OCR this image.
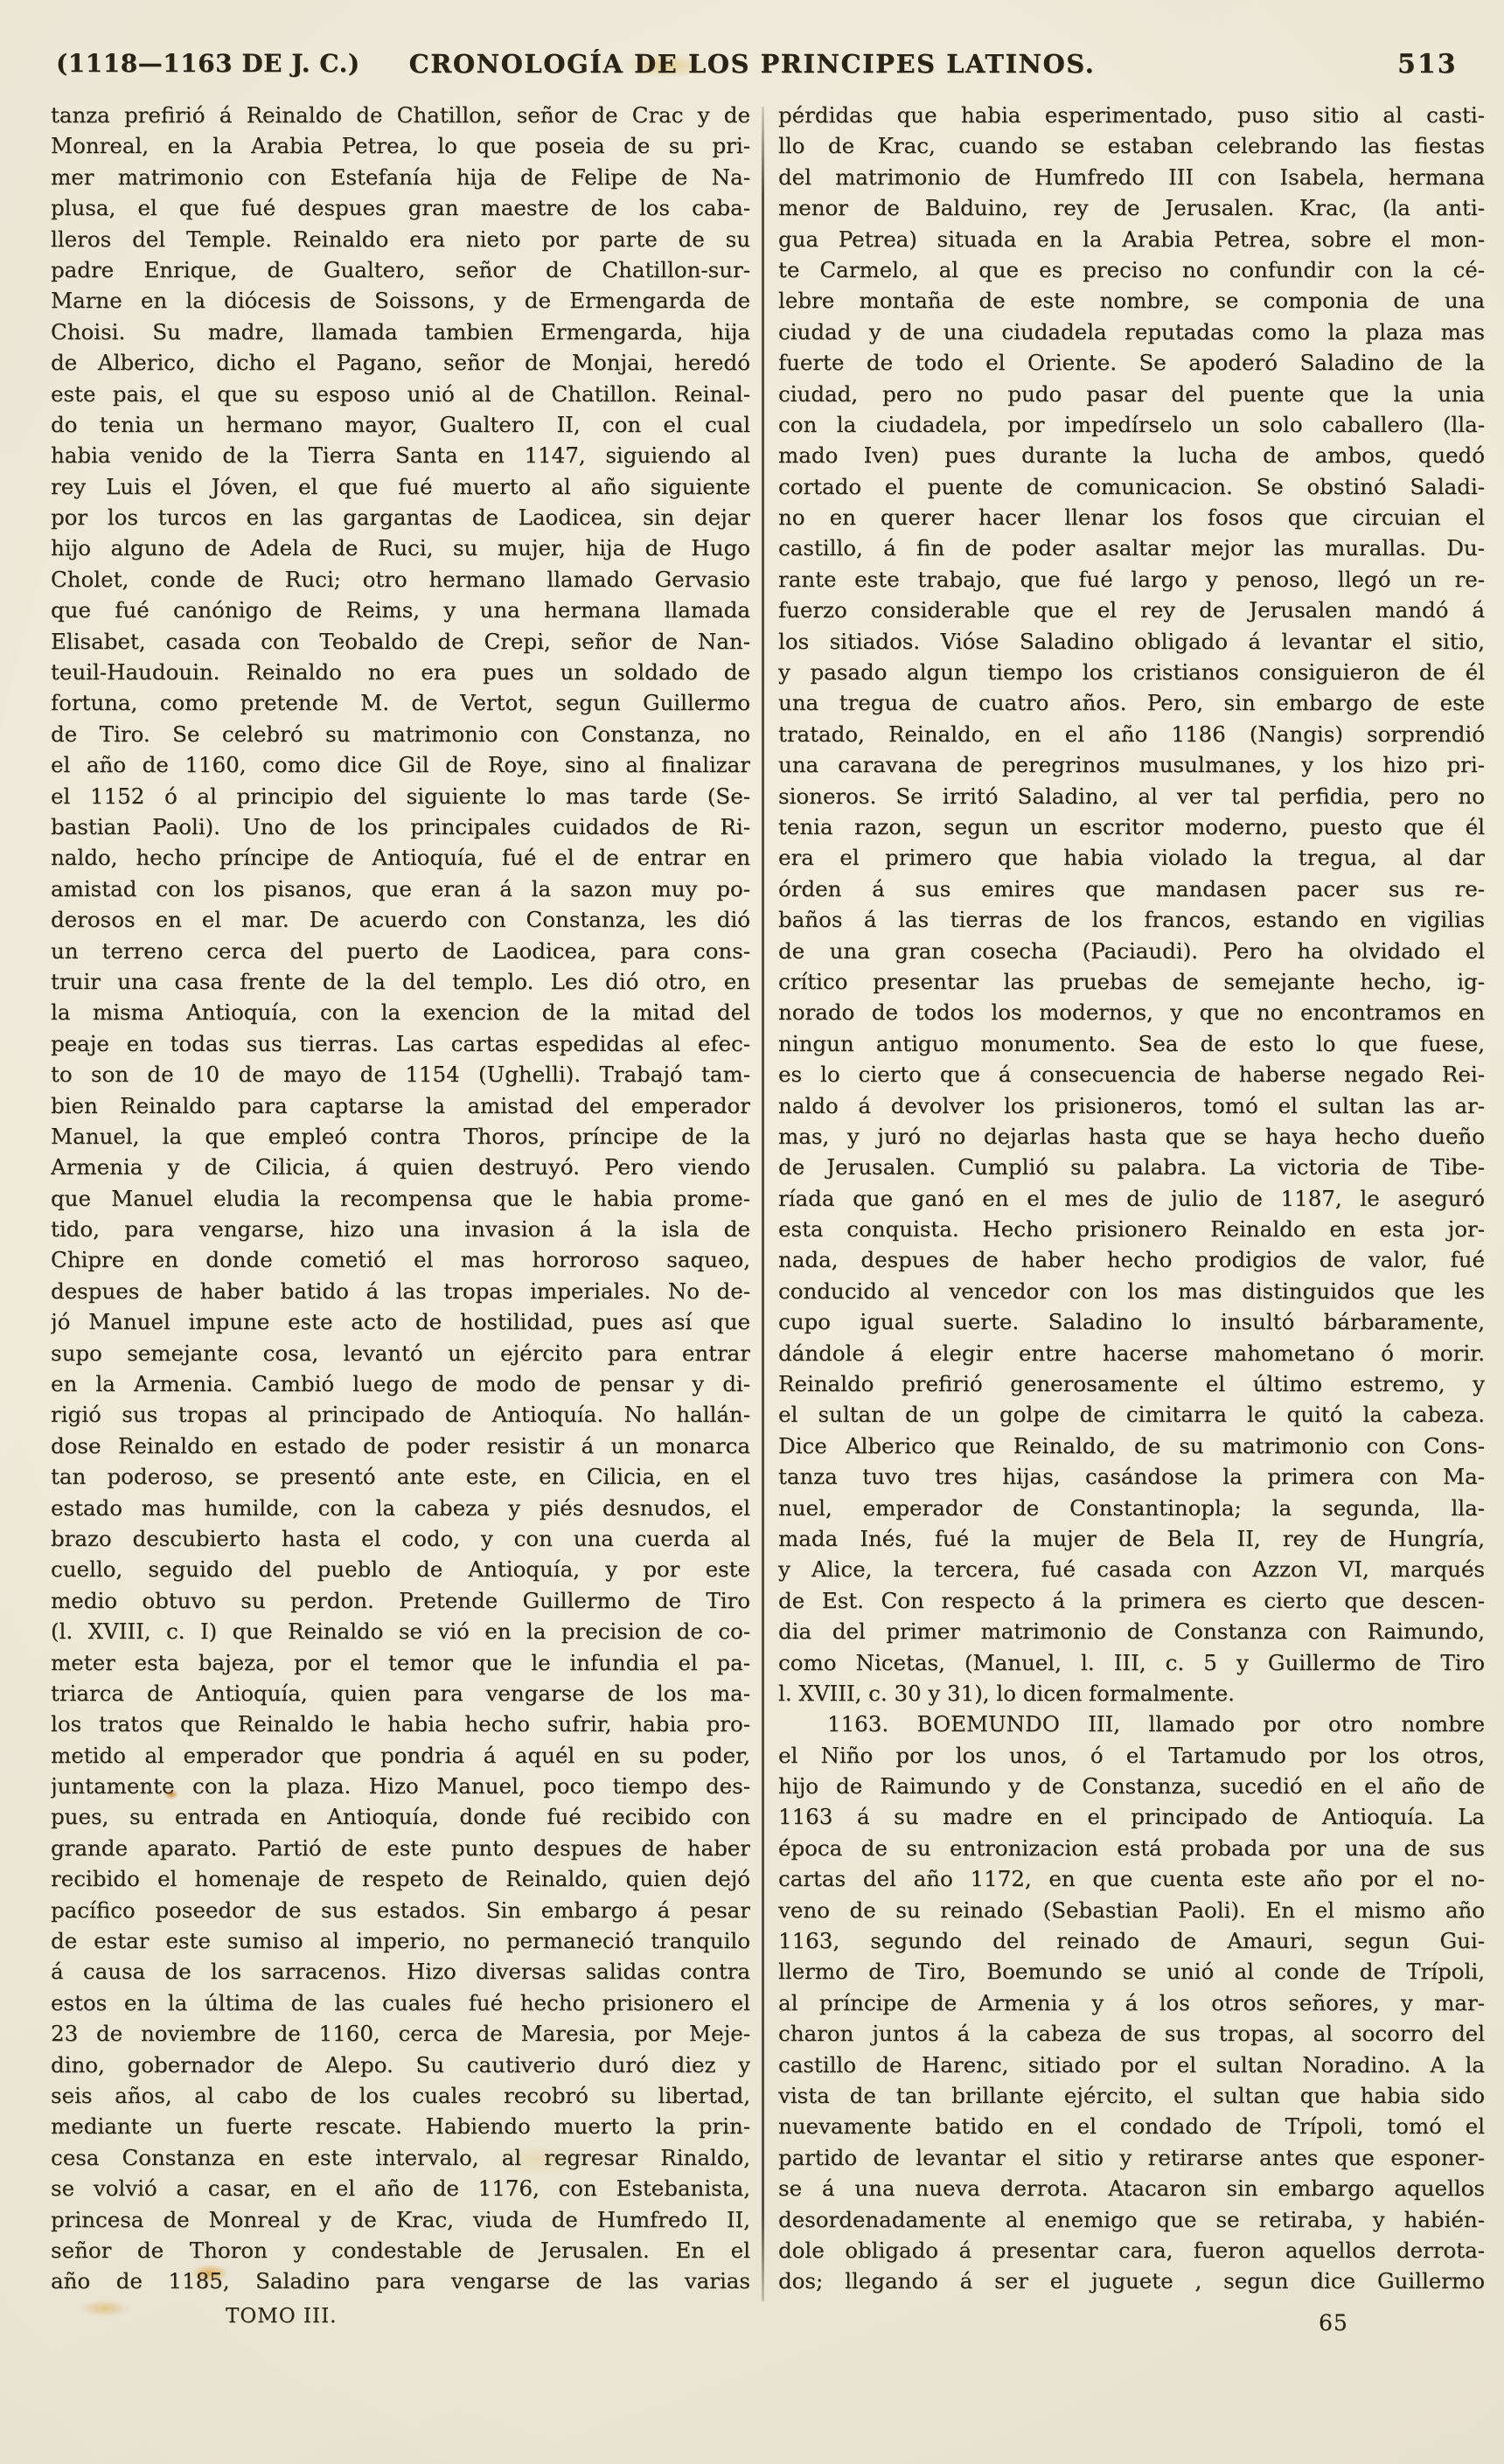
(1118—1163 DE J. C.)	CRONOLOGÍA DE LOS PRINCIPES LATINOS.	513
tanza prefirió á Reinaldo de Chatillon, señor de Crac y de
Monreal, en la Arabia Petrea, lo que poseia de su pri-
mer matrimonio con Estefanía hija de Felipe de Na-
plusa, el que fué despues gran maestre de los caba-
lleros del Temple. Reinaldo era nieto por parte de su
padre Enrique, de Gualtero, señor de Chatillon-sur-
Marne en la diócesis de Soissons, y de Ermengarda de
Choisi. Su madre, llamada tambien Ermengarda, hija
de Alberico, dicho el Pagano, señor de Monjai, heredó
este pais, el que su esposo unió al de Chatillon. Reinal-
do tenia un hermano mayor, Gualtero II, con el cual
habia venido de la Tierra Santa en 1147, siguiendo al
rey Luis el Jóven, el que fué muerto al año siguiente
por los turcos en las gargantas de Laodicea, sin dejar
hijo alguno de Adela de Ruci, su mujer, hija de Hugo
Cholet, conde de Ruci; otro hermano llamado Gervasio
que fué canónigo de Reims, y una hermana llamada
Elisabet, casada con Teobaldo de Crepi, señor de Nan-
teuil-Haudouin. Reinaldo no era pues un soldado de
fortuna, como pretende M. de Vertot, segun Guillermo
de Tiro. Se celebró su matrimonio con Constanza, no
el año de 1160, como dice Gil de Roye, sino al finalizar
el 1152 ó al principio del siguiente lo mas tarde (Se-
bastian Paoli). Uno de los principales cuidados de Ri-
naldo, hecho príncipe de Antioquía, fué el de entrar en
amistad con los pisanos, que eran á la sazon muy po-
derosos en el mar. De acuerdo con Constanza, les dió
un terreno cerca del puerto de Laodicea, para cons-
truir una casa frente de la del templo. Les dió otro, en
la misma Antioquía, con la exencion de la mitad del
peaje en todas sus tierras. Las cartas espedidas al efec-
to son de 10 de mayo de 1154 (Ughelli). Trabajó tam-
bien Reinaldo para captarse la amistad del emperador
Manuel, la que empleó contra Thoros, príncipe de la
Armenia y de Cilicia, á quien destruyó. Pero viendo
que Manuel eludia la recompensa que le habia prome-
tido, para vengarse, hizo una invasion á la isla de
Chipre en donde cometió el mas horroroso saqueo,
despues de haber batido á las tropas imperiales. No de-
jó Manuel impune este acto de hostilidad, pues así que
supo semejante cosa, levantó un ejército para entrar
en la Armenia. Cambió luego de modo de pensar y di-
rigió sus tropas al principado de Antioquía. No hallán-
dose Reinaldo en estado de poder resistir á un monarca
tan poderoso, se presentó ante este, en Cilicia, en el
estado mas humilde, con la cabeza y piés desnudos, el
brazo descubierto hasta el codo, y con una cuerda al
cuello, seguido del pueblo de Antioquía, y por este
medio obtuvo su perdon. Pretende Guillermo de Tiro
(l. XVIII, c. I) que Reinaldo se vió en la precision de co-
meter esta bajeza, por el temor que le infundia el pa-
triarca de Antioquía, quien para vengarse de los ma-
los tratos que Reinaldo le habia hecho sufrir, habia pro-
metido al emperador que pondria á aquél en su poder,
juntamente con la plaza. Hizo Manuel, poco tiempo des-
pues, su entrada en Antioquía, donde fué recibido con
grande aparato. Partió de este punto despues de haber
recibido el homenaje de respeto de Reinaldo, quien dejó
pacífico poseedor de sus estados. Sin embargo á pesar
de estar este sumiso al imperio, no permaneció tranquilo
á causa de los sarracenos. Hizo diversas salidas contra
estos en la última de las cuales fué hecho prisionero el
23 de noviembre de 1160, cerca de Maresia, por Meje-
dino, gobernador de Alepo. Su cautiverio duró diez y
seis años, al cabo de los cuales recobró su libertad,
mediante un fuerte rescate. Habiendo muerto la prin-
cesa Constanza en este intervalo, al regresar Rinaldo,
se volvió a casar, en el año de 1176, con Estebanista,
princesa de Monreal y de Krac, viuda de Humfredo II,
señor de Thoron y condestable de Jerusalen. En el
año de 1185, Saladino para vengarse de las varias
pérdidas que habia esperimentado, puso sitio al casti-
llo de Krac, cuando se estaban celebrando las fiestas
del matrimonio de Humfredo III con Isabela, hermana
menor de Balduino, rey de Jerusalen. Krac, (la anti-
gua Petrea) situada en la Arabia Petrea, sobre el mon-
te Carmelo, al que es preciso no confundir con la cé-
lebre montaña de este nombre, se componia de una
ciudad y de una ciudadela reputadas como la plaza mas
fuerte de todo el Oriente. Se apoderó Saladino de la
ciudad, pero no pudo pasar del puente que la unia
con la ciudadela, por impedírselo un solo caballero (lla-
mado Iven) pues durante la lucha de ambos, quedó
cortado el puente de comunicacion. Se obstinó Saladi-
no en querer hacer llenar los fosos que circuian el
castillo, á fin de poder asaltar mejor las murallas. Du-
rante este trabajo, que fué largo y penoso, llegó un re-
fuerzo considerable que el rey de Jerusalen mandó á
los sitiados. Vióse Saladino obligado á levantar el sitio,
y pasado algun tiempo los cristianos consiguieron de él
una tregua de cuatro años. Pero, sin embargo de este
tratado, Reinaldo, en el año 1186 (Nangis) sorprendió
una caravana de peregrinos musulmanes, y los hizo pri-
sioneros. Se irritó Saladino, al ver tal perfidia, pero no
tenia razon, segun un escritor moderno, puesto que él
era el primero que habia violado la tregua, al dar
órden á sus emires que mandasen pacer sus re-
baños á las tierras de los francos, estando en vigilias
de una gran cosecha (Paciaudi). Pero ha olvidado el
crítico presentar las pruebas de semejante hecho, ig-
norado de todos los modernos, y que no encontramos en
ningun antiguo monumento. Sea de esto lo que fuese,
es lo cierto que á consecuencia de haberse negado Rei-
naldo á devolver los prisioneros, tomó el sultan las ar-
mas, y juró no dejarlas hasta que se haya hecho dueño
de Jerusalen. Cumplió su palabra. La victoria de Tibe-
ríada que ganó en el mes de julio de 1187, le aseguró
esta conquista. Hecho prisionero Reinaldo en esta jor-
nada, despues de haber hecho prodigios de valor, fué
conducido al vencedor con los mas distinguidos que les
cupo igual suerte. Saladino lo insultó bárbaramente,
dándole á elegir entre hacerse mahometano ó morir.
Reinaldo prefirió generosamente el último estremo, y
el sultan de un golpe de cimitarra le quitó la cabeza.
Dice Alberico que Reinaldo, de su matrimonio con Cons-
tanza tuvo tres hijas, casándose la primera con Ma-
nuel, emperador de Constantinopla; la segunda, lla-
mada Inés, fué la mujer de Bela II, rey de Hungría,
y Alice, la tercera, fué casada con Azzon VI, marqués
de Est. Con respecto á la primera es cierto que descen-
dia del primer matrimonio de Constanza con Raimundo,
como Nicetas, (Manuel, l. III, c. 5 y Guillermo de Tiro
l. XVIII, c. 30 y 31), lo dicen formalmente.
1163. BOEMUNDO III, llamado por otro nombre
el Niño por los unos, ó el Tartamudo por los otros,
hijo de Raimundo y de Constanza, sucedió en el año de
1163 á su madre en el principado de Antioquía. La
época de su entronizacion está probada por una de sus
cartas del año 1172, en que cuenta este año por el no-
veno de su reinado (Sebastian Paoli). En el mismo año
1163, segundo del reinado de Amauri, segun Gui-
llermo de Tiro, Boemundo se unió al conde de Trípoli,
al príncipe de Armenia y á los otros señores, y mar-
charon juntos á la cabeza de sus tropas, al socorro del
castillo de Harenc, sitiado por el sultan Noradino. A la
vista de tan brillante ejército, el sultan que habia sido
nuevamente batido en el condado de Trípoli, tomó el
partido de levantar el sitio y retirarse antes que esponer-
se á una nueva derrota. Atacaron sin embargo aquellos
desordenadamente al enemigo que se retiraba, y habién-
dole obligado á presentar cara, fueron aquellos derrota-
dos; llegando á ser el juguete , segun dice Guillermo
TOMO III.	65
